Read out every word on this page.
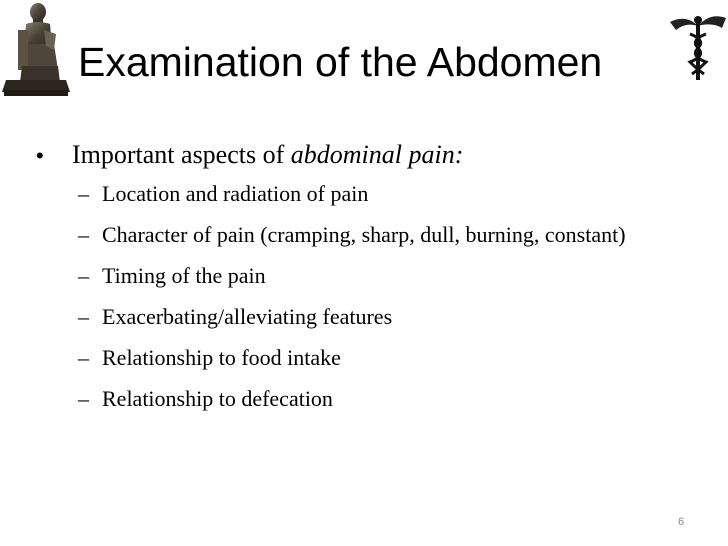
Examination of the Abdomen
•
Important aspects of abdominal pain:
–
Location and radiation of pain
–
Character of pain (cramping, sharp, dull, burning, constant)
–
Timing of the pain
–
Exacerbating/alleviating features
–
Relationship to food intake
–
Relationship to defecation
6
